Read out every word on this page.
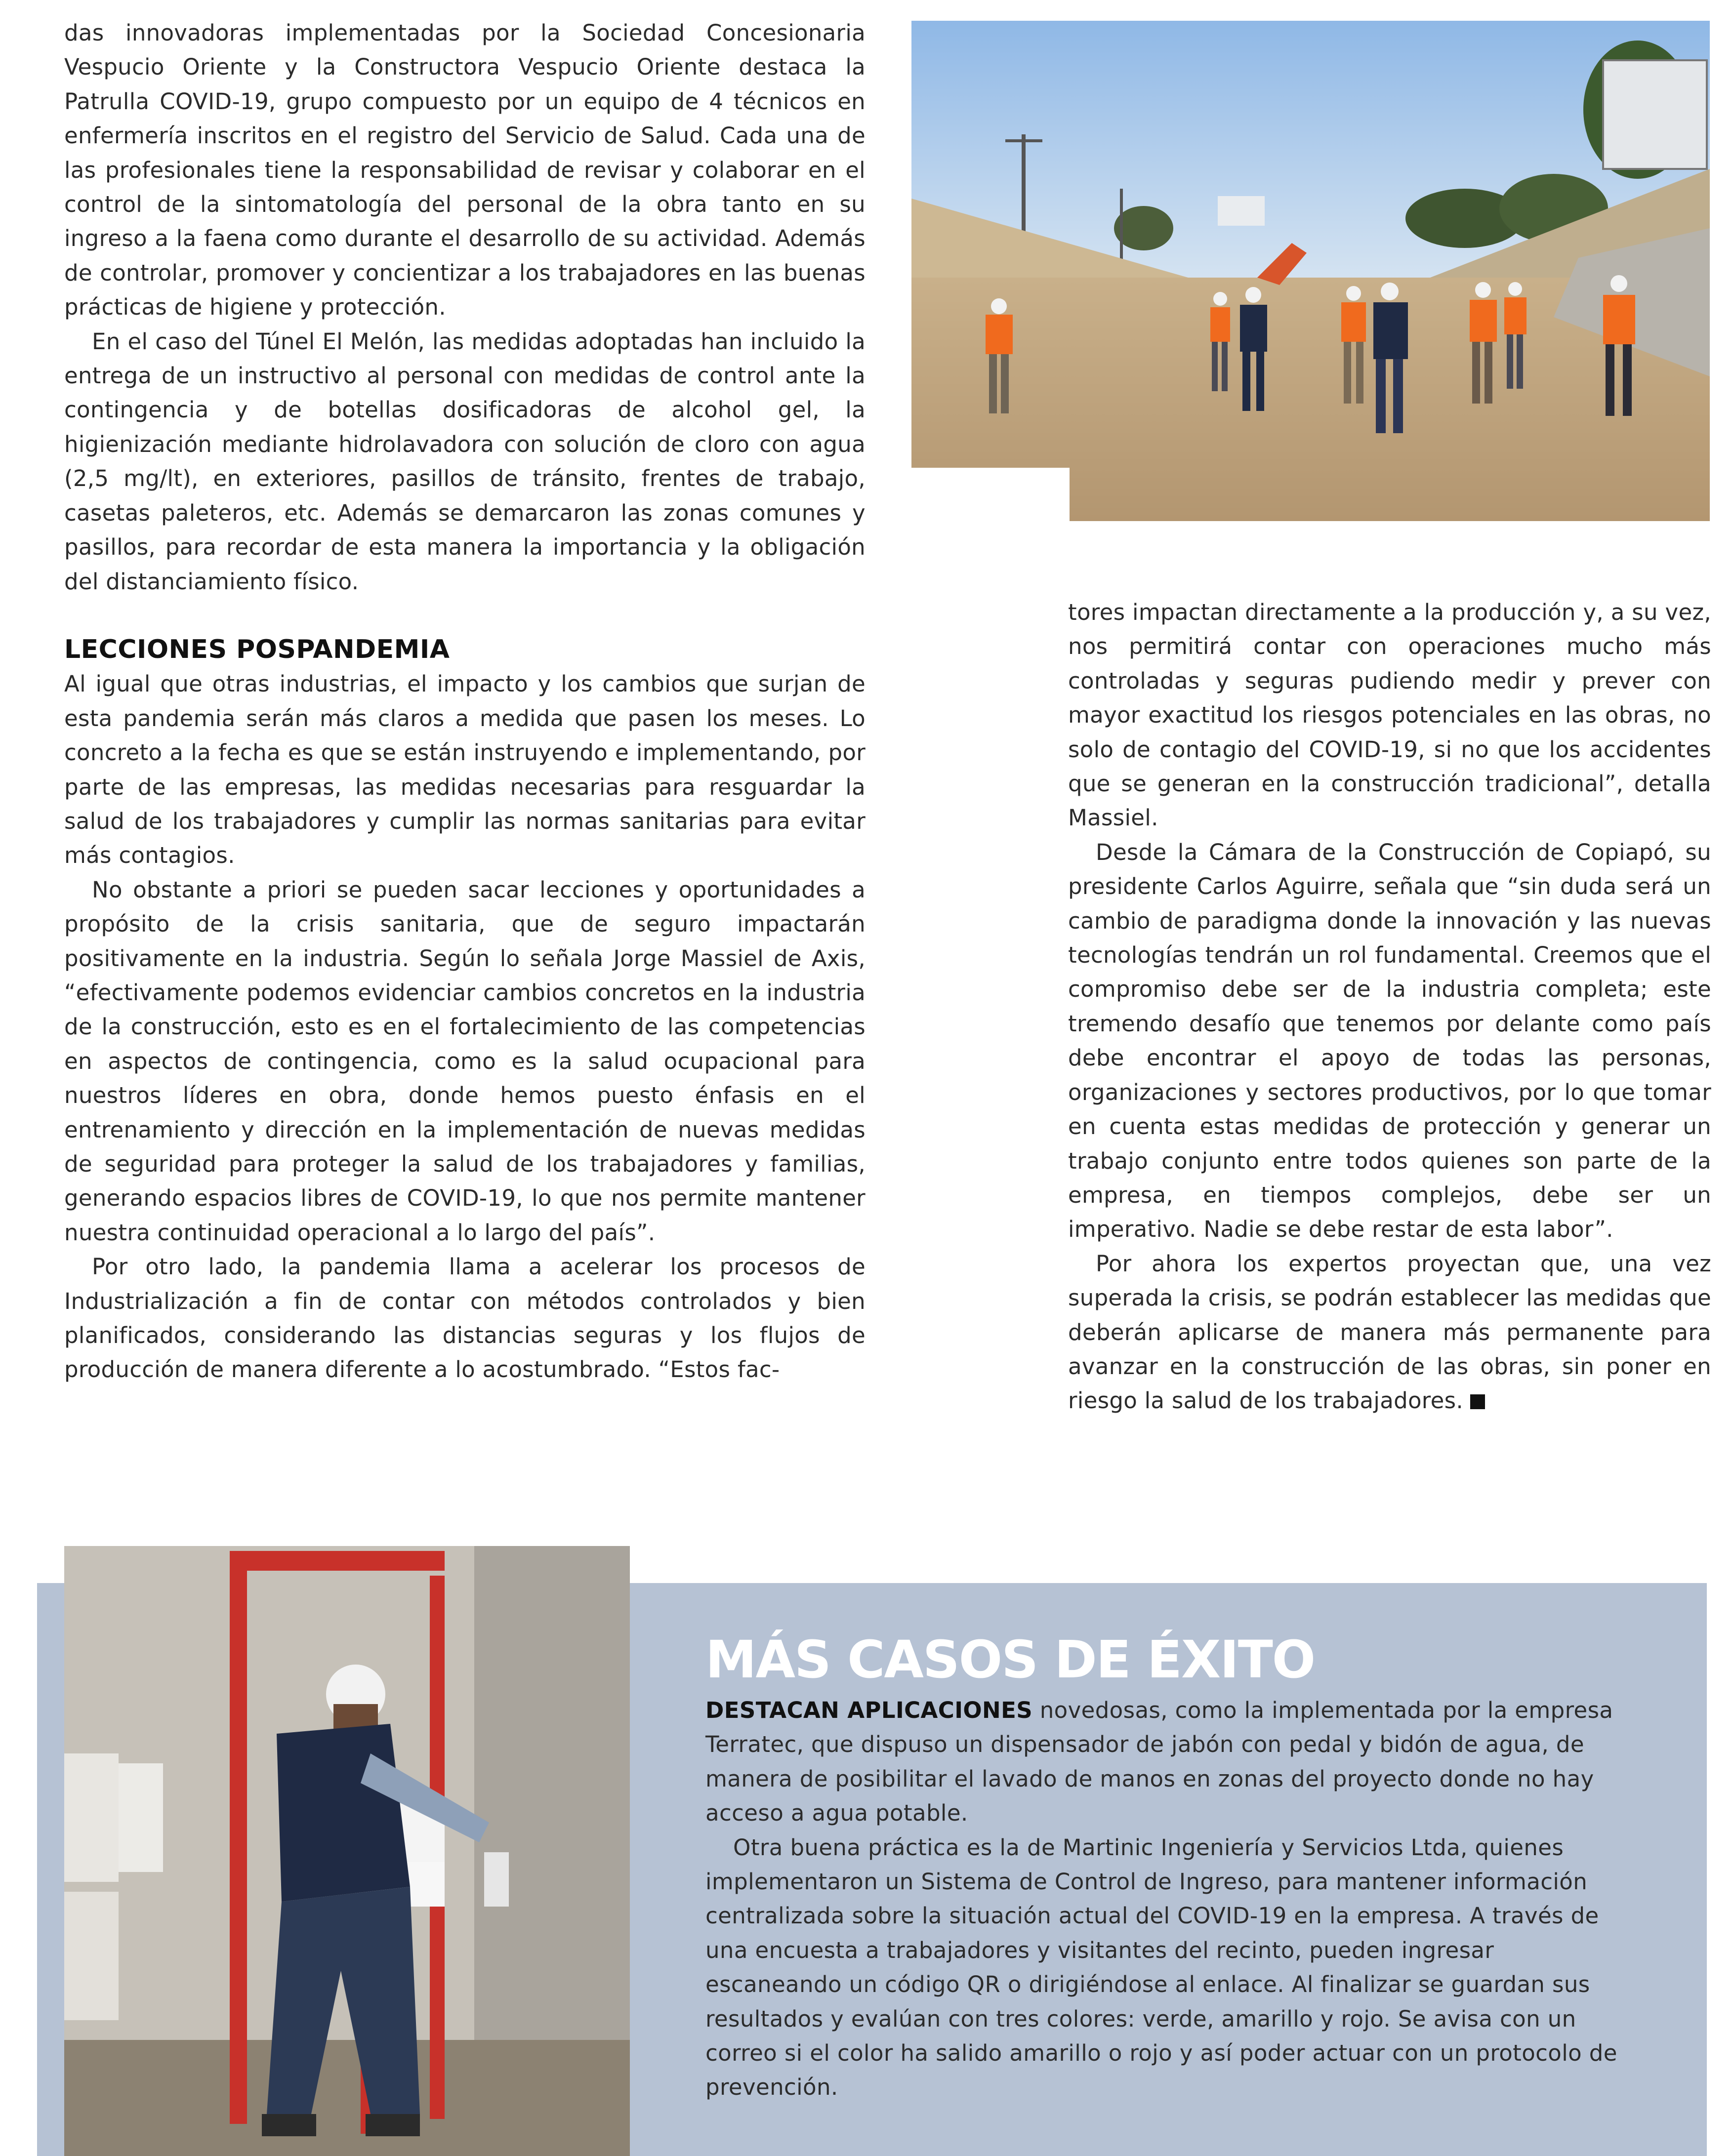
das innovadoras implementadas por la Sociedad Concesionaria Vespucio Oriente y la Constructora Vespucio Oriente destaca la Patrulla COVID-19, grupo compuesto por un equipo de 4 técnicos en enfermería inscritos en el registro del Servicio de Salud. Cada una de las profesionales tiene la responsabilidad de revisar y colaborar en el control de la sintomatología del personal de la obra tanto en su ingreso a la faena como durante el desarrollo de su actividad. Además de controlar, promover y concientizar a los trabajadores en las buenas prácticas de higiene y protección.

En el caso del Túnel El Melón, las medidas adoptadas han incluido la entrega de un instructivo al personal con medidas de control ante la contingencia y de botellas dosificadoras de alcohol gel, la higienización mediante hidrolavadora con solución de cloro con agua (2,5 mg/lt), en exteriores, pasillos de tránsito, frentes de trabajo, casetas paleteros, etc. Además se demarcaron las zonas comunes y pasillos, para recordar de esta manera la importancia y la obligación del distanciamiento físico.

LECCIONES POSPANDEMIA

Al igual que otras industrias, el impacto y los cambios que surjan de esta pandemia serán más claros a medida que pasen los meses. Lo concreto a la fecha es que se están instruyendo e implementando, por parte de las empresas, las medidas necesarias para resguardar la salud de los trabajadores y cumplir las normas sanitarias para evitar más contagios.

No obstante a priori se pueden sacar lecciones y oportunidades a propósito de la crisis sanitaria, que de seguro impactarán positivamente en la industria. Según lo señala Jorge Massiel de Axis, “efectivamente podemos evidenciar cambios concretos en la industria de la construcción, esto es en el fortalecimiento de las competencias en aspectos de contingencia, como es la salud ocupacional para nuestros líderes en obra, donde hemos puesto énfasis en el entrenamiento y dirección en la implementación de nuevas medidas de seguridad para proteger la salud de los trabajadores y familias, generando espacios libres de COVID-19, lo que nos permite mantener nuestra continuidad operacional a lo largo del país”.

Por otro lado, la pandemia llama a acelerar los procesos de Industrialización a fin de contar con métodos controlados y bien planificados, considerando las distancias seguras y los flujos de producción de manera diferente a lo acostumbrado. “Estos fac-

tores impactan directamente a la producción y, a su vez, nos permitirá contar con operaciones mucho más controladas y seguras pudiendo medir y prever con mayor exactitud los riesgos potenciales en las obras, no solo de contagio del COVID-19, si no que los accidentes que se generan en la construcción tradicional”, detalla Massiel.

Desde la Cámara de la Construcción de Copiapó, su presidente Carlos Aguirre, señala que “sin duda será un cambio de paradigma donde la innovación y las nuevas tecnologías tendrán un rol fundamental. Creemos que el compromiso debe ser de la industria completa; este tremendo desafío que tenemos por delante como país debe encontrar el apoyo de todas las personas, organizaciones y sectores productivos, por lo que tomar en cuenta estas medidas de protección y generar un trabajo conjunto entre todos quienes son parte de la empresa, en tiempos complejos, debe ser un imperativo. Nadie se debe restar de esta labor”.

Por ahora los expertos proyectan que, una vez superada la crisis, se podrán establecer las medidas que deberán aplicarse de manera más permanente para avanzar en la construcción de las obras, sin poner en riesgo la salud de los trabajadores.

MÁS CASOS DE ÉXITO

DESTACAN APLICACIONES novedosas, como la implementada por la empresa Terratec, que dispuso un dispensador de jabón con pedal y bidón de agua, de manera de posibilitar el lavado de manos en zonas del proyecto donde no hay acceso a agua potable.

Otra buena práctica es la de Martinic Ingeniería y Servicios Ltda, quienes implementaron un Sistema de Control de Ingreso, para mantener información centralizada sobre la situación actual del COVID-19 en la empresa. A través de una encuesta a trabajadores y visitantes del recinto, pueden ingresar escaneando un código QR o dirigiéndose al enlace. Al finalizar se guardan sus resultados y evalúan con tres colores: verde, amarillo y rojo. Se avisa con un correo si el color ha salido amarillo o rojo y así poder actuar con un protocolo de prevención.
